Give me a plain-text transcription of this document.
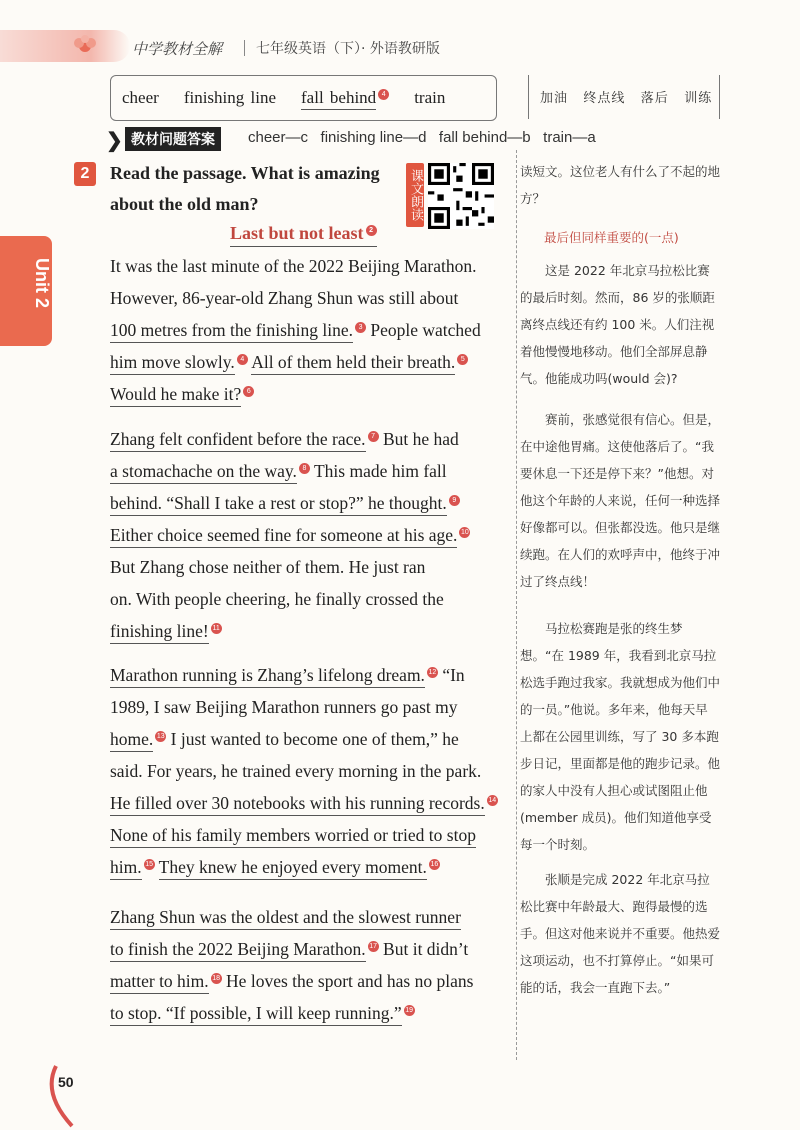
中学教材全解 七年级英语（下）· 外语教研版
cheer finishing line fall behind 4 train	加油   终点线   落后   训练
❯ 教材问题答案	cheer—c   finishing line—d   fall behind—b   train—a
Unit 2
2	Read the passage. What is amazing about the old man?	课文朗读
Last but not least 2
It was the last minute of the 2022 Beijing Marathon.
However, 86-year-old Zhang Shun was still about
100 metres from the finishing line. 3 People watched
him move slowly. 4 All of them held their breath. 5
Would he make it? 6
Zhang felt confident before the race. 7 But he had
a stomachache on the way. 8 This made him fall
behind. “Shall I take a rest or stop?” he thought. 9
Either choice seemed fine for someone at his age. 10
But Zhang chose neither of them. He just ran
on. With people cheering, he finally crossed the
finishing line! 11
Marathon running is Zhang’s lifelong dream. 12 “In
1989, I saw Beijing Marathon runners go past my
home. 13 I just wanted to become one of them,” he
said. For years, he trained every morning in the park.
He filled over 30 notebooks with his running records. 14
None of his family members worried or tried to stop
him. 15 They knew he enjoyed every moment. 16
Zhang Shun was the oldest and the slowest runner
to finish the 2022 Beijing Marathon. 17 But it didn’t
matter to him. 18 He loves the sport and has no plans
to stop. “If possible, I will keep running.” 19

读短文。这位老人有什么了不起的地方？

最后但同样重要的(一点)

这是 2022 年北京马拉松比赛的最后时刻。然而，86 岁的张顺距离终点线还有约 100 米。人们注视着他慢慢地移动。他们全部屏息静气。他能成功吗(would 会)?

赛前，张感觉很有信心。但是，在中途他胃痛。这使他落后了。“我要休息一下还是停下来？”他想。对他这个年龄的人来说，任何一种选择好像都可以。但张都没选。他只是继续跑。在人们的欢呼声中，他终于冲过了终点线！

马拉松赛跑是张的终生梦想。“在 1989 年，我看到北京马拉松选手跑过我家。我就想成为他们中的一员。”他说。多年来，他每天早上都在公园里训练，写了 30 多本跑步日记，里面都是他的跑步记录。他的家人中没有人担心或试图阻止他(member 成员)。他们知道他享受每一个时刻。

张顺是完成 2022 年北京马拉松比赛中年龄最大、跑得最慢的选手。但这对他来说并不重要。他热爱这项运动，也不打算停止。“如果可能的话，我会一直跑下去。”

50
